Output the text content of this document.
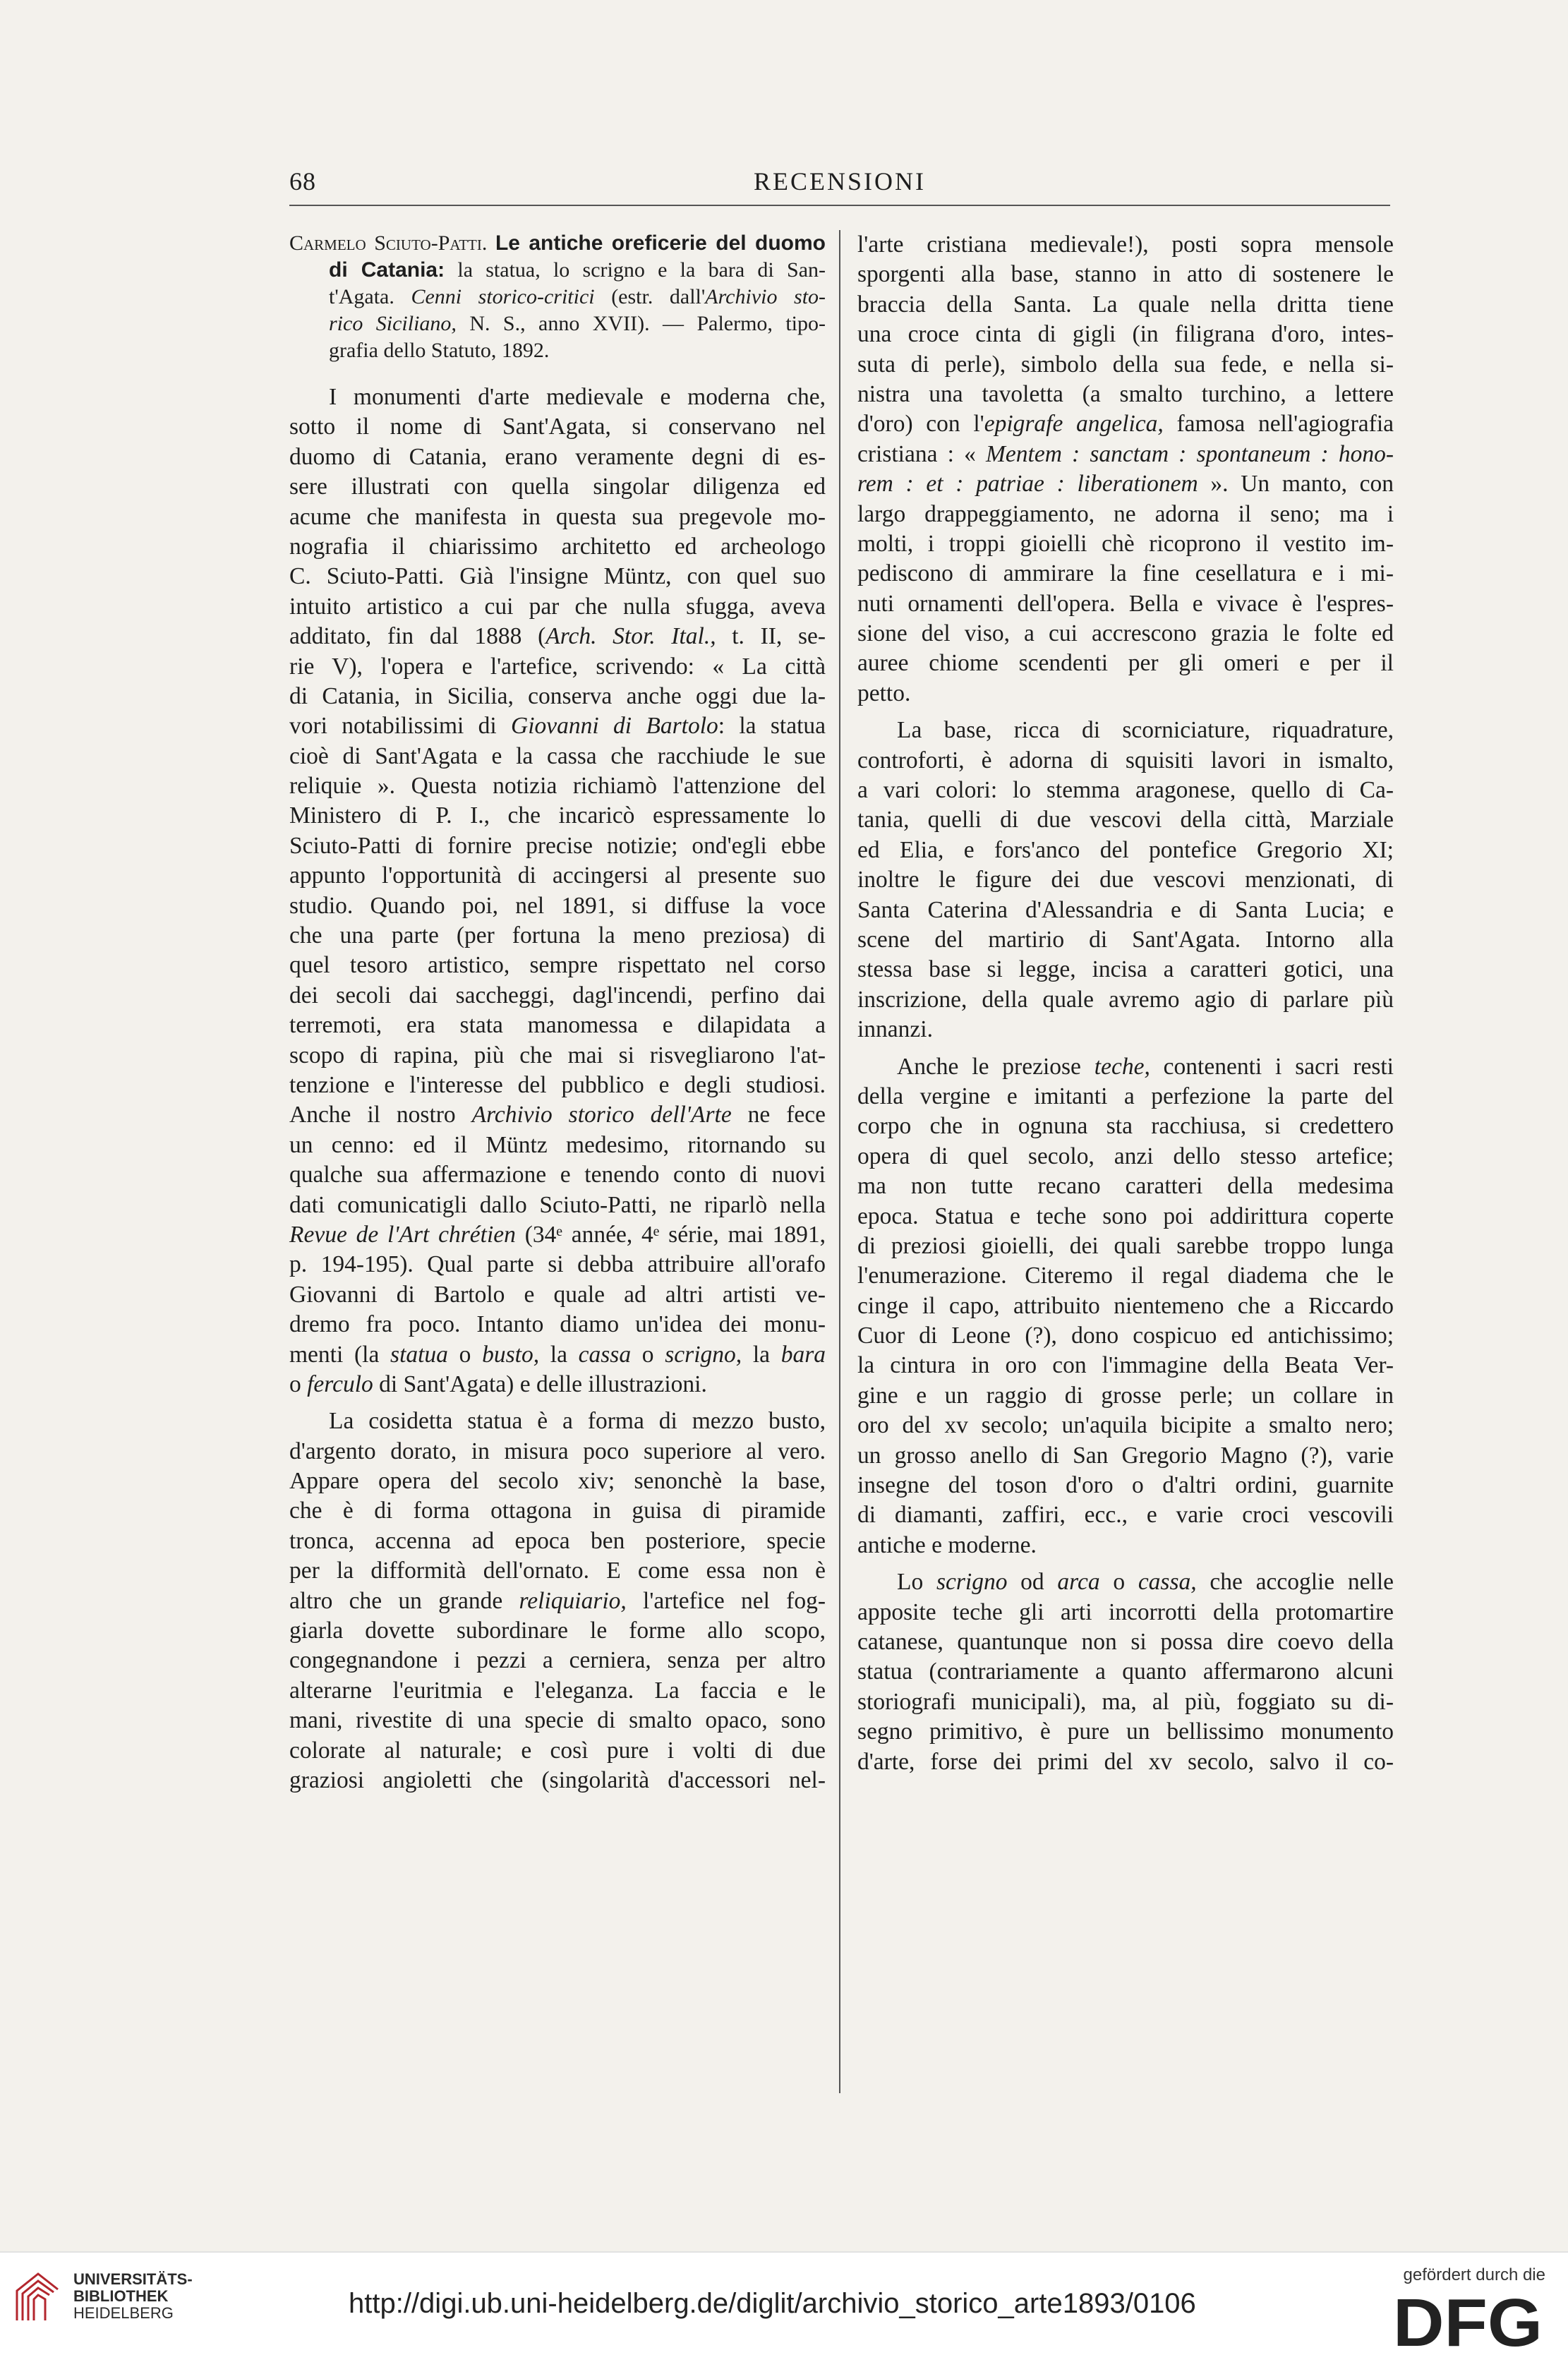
68	RECENSIONI
Carmelo Sciuto-Patti. Le antiche oreficerie del duomo
di Catania: la statua, lo scrigno e la bara di San-
t'Agata. Cenni storico-critici (estr. dall'Archivio sto-
rico Siciliano, N. S., anno XVII). — Palermo, tipo-
grafia dello Statuto, 1892.
I monumenti d'arte medievale e moderna che,
sotto il nome di Sant'Agata, si conservano nel
duomo di Catania, erano veramente degni di es-
sere illustrati con quella singolar diligenza ed
acume che manifesta in questa sua pregevole mo-
nografia il chiarissimo architetto ed archeologo
C. Sciuto-Patti. Già l'insigne Müntz, con quel suo
intuito artistico a cui par che nulla sfugga, aveva
additato, fin dal 1888 (Arch. Stor. Ital., t. II, se-
rie V), l'opera e l'artefice, scrivendo: « La città
di Catania, in Sicilia, conserva anche oggi due la-
vori notabilissimi di Giovanni di Bartolo: la statua
cioè di Sant'Agata e la cassa che racchiude le sue
reliquie ». Questa notizia richiamò l'attenzione del
Ministero di P. I., che incaricò espressamente lo
Sciuto-Patti di fornire precise notizie; ond'egli ebbe
appunto l'opportunità di accingersi al presente suo
studio. Quando poi, nel 1891, si diffuse la voce
che una parte (per fortuna la meno preziosa) di
quel tesoro artistico, sempre rispettato nel corso
dei secoli dai saccheggi, dagl'incendi, perfino dai
terremoti, era stata manomessa e dilapidata a
scopo di rapina, più che mai si risvegliarono l'at-
tenzione e l'interesse del pubblico e degli studiosi.
Anche il nostro Archivio storico dell'Arte ne fece
un cenno: ed il Müntz medesimo, ritornando su
qualche sua affermazione e tenendo conto di nuovi
dati comunicatigli dallo Sciuto-Patti, ne riparlò nella
Revue de l'Art chrétien (34ᵉ année, 4ᵉ série, mai 1891,
p. 194-195). Qual parte si debba attribuire all'orafo
Giovanni di Bartolo e quale ad altri artisti ve-
dremo fra poco. Intanto diamo un'idea dei monu-
menti (la statua o busto, la cassa o scrigno, la bara
o ferculo di Sant'Agata) e delle illustrazioni.
La cosidetta statua è a forma di mezzo busto,
d'argento dorato, in misura poco superiore al vero.
Appare opera del secolo xiv; senonchè la base,
che è di forma ottagona in guisa di piramide
tronca, accenna ad epoca ben posteriore, specie
per la difformità dell'ornato. E come essa non è
altro che un grande reliquiario, l'artefice nel fog-
giarla dovette subordinare le forme allo scopo,
congegnandone i pezzi a cerniera, senza per altro
alterarne l'euritmia e l'eleganza. La faccia e le
mani, rivestite di una specie di smalto opaco, sono
colorate al naturale; e così pure i volti di due
graziosi angioletti che (singolarità d'accessori nel-
l'arte cristiana medievale!), posti sopra mensole
sporgenti alla base, stanno in atto di sostenere le
braccia della Santa. La quale nella dritta tiene
una croce cinta di gigli (in filigrana d'oro, intes-
suta di perle), simbolo della sua fede, e nella si-
nistra una tavoletta (a smalto turchino, a lettere
d'oro) con l'epigrafe angelica, famosa nell'agiografia
cristiana : « Mentem : sanctam : spontaneum : hono-
rem : et : patriae : liberationem ». Un manto, con
largo drappeggiamento, ne adorna il seno; ma i
molti, i troppi gioielli chè ricoprono il vestito im-
pediscono di ammirare la fine cesellatura e i mi-
nuti ornamenti dell'opera. Bella e vivace è l'espres-
sione del viso, a cui accrescono grazia le folte ed
auree chiome scendenti per gli omeri e per il
petto.
La base, ricca di scorniciature, riquadrature,
controforti, è adorna di squisiti lavori in ismalto,
a vari colori: lo stemma aragonese, quello di Ca-
tania, quelli di due vescovi della città, Marziale
ed Elia, e fors'anco del pontefice Gregorio XI;
inoltre le figure dei due vescovi menzionati, di
Santa Caterina d'Alessandria e di Santa Lucia; e
scene del martirio di Sant'Agata. Intorno alla
stessa base si legge, incisa a caratteri gotici, una
inscrizione, della quale avremo agio di parlare più
innanzi.
Anche le preziose teche, contenenti i sacri resti
della vergine e imitanti a perfezione la parte del
corpo che in ognuna sta racchiusa, si credettero
opera di quel secolo, anzi dello stesso artefice;
ma non tutte recano caratteri della medesima
epoca. Statua e teche sono poi addirittura coperte
di preziosi gioielli, dei quali sarebbe troppo lunga
l'enumerazione. Citeremo il regal diadema che le
cinge il capo, attribuito nientemeno che a Riccardo
Cuor di Leone (?), dono cospicuo ed antichissimo;
la cintura in oro con l'immagine della Beata Ver-
gine e un raggio di grosse perle; un collare in
oro del xv secolo; un'aquila bicipite a smalto nero;
un grosso anello di San Gregorio Magno (?), varie
insegne del toson d'oro o d'altri ordini, guarnite
di diamanti, zaffiri, ecc., e varie croci vescovili
antiche e moderne.
Lo scrigno od arca o cassa, che accoglie nelle
apposite teche gli arti incorrotti della protomartire
catanese, quantunque non si possa dire coevo della
statua (contrariamente a quanto affermarono alcuni
storiografi municipali), ma, al più, foggiato su di-
segno primitivo, è pure un bellissimo monumento
d'arte, forse dei primi del xv secolo, salvo il co-
UNIVERSITÄTS-
BIBLIOTHEK
HEIDELBERG	http://digi.ub.uni-heidelberg.de/diglit/archivio_storico_arte1893/0106
gefördert durch die
DFG
